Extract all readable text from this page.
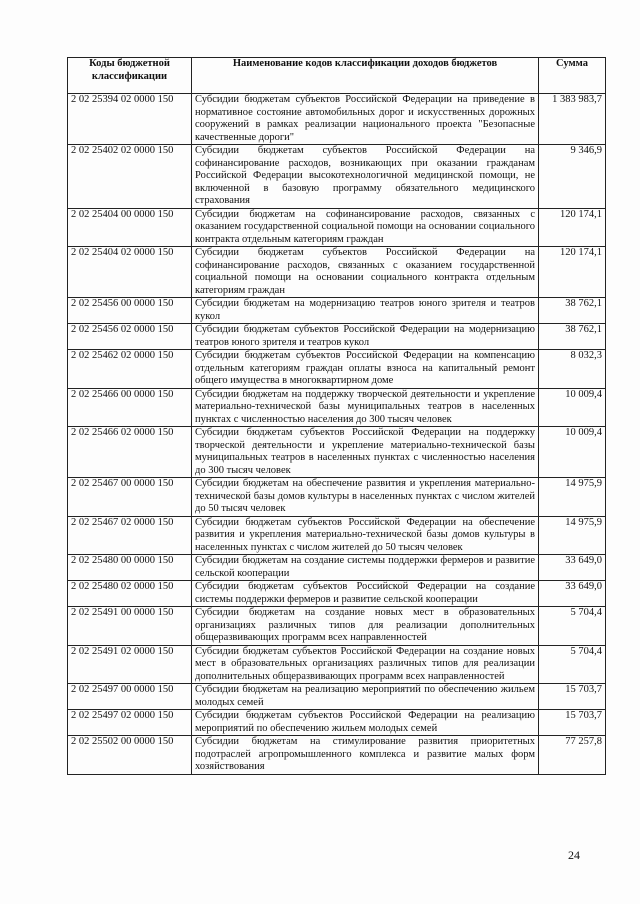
Коды бюджетной классификации	Наименование кодов классификации доходов бюджетов	Сумма
2 02 25394 02 0000 150	Субсидии бюджетам субъектов Российской Федерации на приведение в нормативное состояние автомобильных дорог и искусственных дорожных сооружений в рамках реализации национального проекта "Безопасные качественные дороги"	1 383 983,7
2 02 25402 02 0000 150	Субсидии бюджетам субъектов Российской Федерации на софинансирование расходов, возникающих при оказании гражданам Российской Федерации высокотехнологичной медицинской помощи, не включенной в базовую программу обязательного медицинского страхования	9 346,9
2 02 25404 00 0000 150	Субсидии бюджетам на софинансирование расходов, связанных с оказанием государственной социальной помощи на основании социального контракта отдельным категориям граждан	120 174,1
2 02 25404 02 0000 150	Субсидии бюджетам субъектов Российской Федерации на софинансирование расходов, связанных с оказанием государственной социальной помощи на основании социального контракта отдельным категориям граждан	120 174,1
2 02 25456 00 0000 150	Субсидии бюджетам на модернизацию театров юного зрителя и театров кукол	38 762,1
2 02 25456 02 0000 150	Субсидии бюджетам субъектов Российской Федерации на модернизацию театров юного зрителя и театров кукол	38 762,1
2 02 25462 02 0000 150	Субсидии бюджетам субъектов Российской Федерации на компенсацию отдельным категориям граждан оплаты взноса на капитальный ремонт общего имущества в многоквартирном доме	8 032,3
2 02 25466 00 0000 150	Субсидии бюджетам на поддержку творческой деятельности и укрепление материально-технической базы муниципальных театров в населенных пунктах с численностью населения до 300 тысяч человек	10 009,4
2 02 25466 02 0000 150	Субсидии бюджетам субъектов Российской Федерации на поддержку творческой деятельности и укрепление материально-технической базы муниципальных театров в населенных пунктах с численностью населения до 300 тысяч человек	10 009,4
2 02 25467 00 0000 150	Субсидии бюджетам на обеспечение развития и укрепления материально-технической базы домов культуры в населенных пунктах с числом жителей до 50 тысяч человек	14 975,9
2 02 25467 02 0000 150	Субсидии бюджетам субъектов Российской Федерации на обеспечение развития и укрепления материально-технической базы домов культуры в населенных пунктах с числом жителей до 50 тысяч человек	14 975,9
2 02 25480 00 0000 150	Субсидии бюджетам на создание системы поддержки фермеров и развитие сельской кооперации	33 649,0
2 02 25480 02 0000 150	Субсидии бюджетам субъектов Российской Федерации на создание системы поддержки фермеров и развитие сельской кооперации	33 649,0
2 02 25491 00 0000 150	Субсидии бюджетам на создание новых мест в образовательных организациях различных типов для реализации дополнительных общеразвивающих программ всех направленностей	5 704,4
2 02 25491 02 0000 150	Субсидии бюджетам субъектов Российской Федерации на создание новых мест в образовательных организациях различных типов для реализации дополнительных общеразвивающих программ всех направленностей	5 704,4
2 02 25497 00 0000 150	Субсидии бюджетам на реализацию мероприятий по обеспечению жильем молодых семей	15 703,7
2 02 25497 02 0000 150	Субсидии бюджетам субъектов Российской Федерации на реализацию мероприятий по обеспечению жильем молодых семей	15 703,7
2 02 25502 00 0000 150	Субсидии бюджетам на стимулирование развития приоритетных подотраслей агропромышленного комплекса и развитие малых форм хозяйствования	77 257,8
24
